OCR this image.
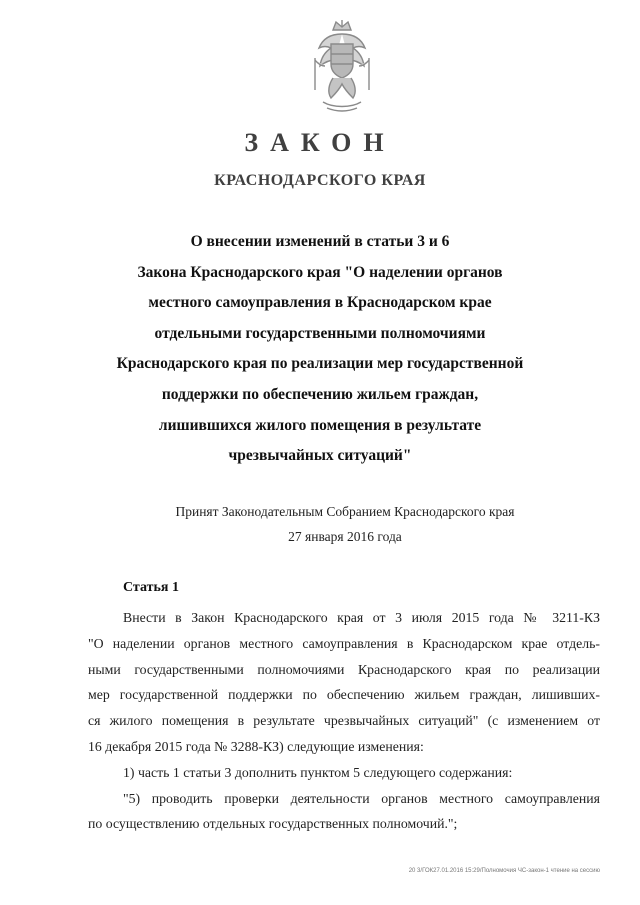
ЗАКОН
КРАСНОДАРСКОГО КРАЯ
О внесении изменений в статьи 3 и 6
Закона Краснодарского края "О наделении органов
местного самоуправления в Краснодарском крае
отдельными государственными полномочиями
Краснодарского края по реализации мер государственной
поддержки по обеспечению жильем граждан,
лишившихся жилого помещения в результате
чрезвычайных ситуаций"
Принят Законодательным Собранием Краснодарского края
27 января 2016 года
Статья 1
Внести в Закон Краснодарского края от 3 июля 2015 года № 3211-КЗ
"О наделении органов местного самоуправления в Краснодарском крае отдель-
ными государственными полномочиями Краснодарского края по реализации
мер государственной поддержки по обеспечению жильем граждан, лишивших-
ся жилого помещения в результате чрезвычайных ситуаций" (с изменением от
16 декабря 2015 года № 3288-КЗ) следующие изменения:
1) часть 1 статьи 3 дополнить пунктом 5 следующего содержания:
"5) проводить проверки деятельности органов местного самоуправления
по осуществлению отдельных государственных полномочий.";
20 3/ГОК27.01.2016 15:29/Полномочия ЧС-закон-1 чтение на сессию
